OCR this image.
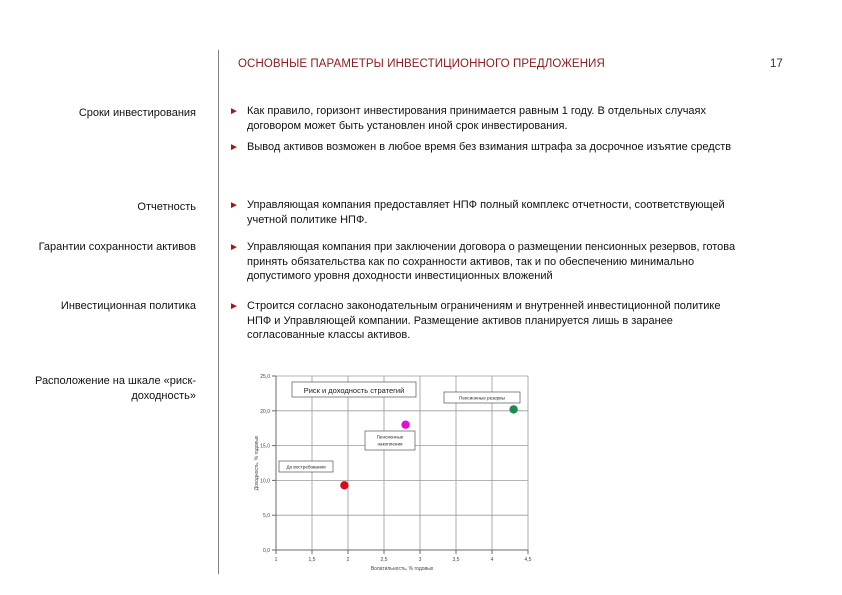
ОСНОВНЫЕ ПАРАМЕТРЫ ИНВЕСТИЦИОННОГО ПРЕДЛОЖЕНИЯ	17
Сроки инвестирования	► Как правило, горизонт инвестирования принимается равным 1 году. В отдельных случаях договором может быть установлен иной срок инвестирования.
► Вывод активов возможен в любое время без взимания штрафа за досрочное изъятие средств
Отчетность	► Управляющая компания предоставляет НПФ полный комплекс отчетности, соответствующей учетной политике НПФ.
Гарантии сохранности активов	► Управляющая компания при заключении договора о размещении пенсионных резервов, готова принять обязательства как по сохранности активов, так и по обеспечению минимально допустимого уровня доходности инвестиционных вложений
Инвестиционная политика	► Строится согласно законодательным ограничениям и внутренней инвестиционной политике НПФ и Управляющей компании. Размещение активов планируется лишь в заранее согласованные классы активов.
Расположение на шкале «риск-доходность»
25,0
20,0
15,0
10,0
5,0
0,0
1	1,5	2	2,5	3	3,5	4	4,5
Волатильность, % годовых
Доходность, % годовых
Риск и доходность стратегий
Пенсионные резервы
Пенсионные
накопления
До востребования
